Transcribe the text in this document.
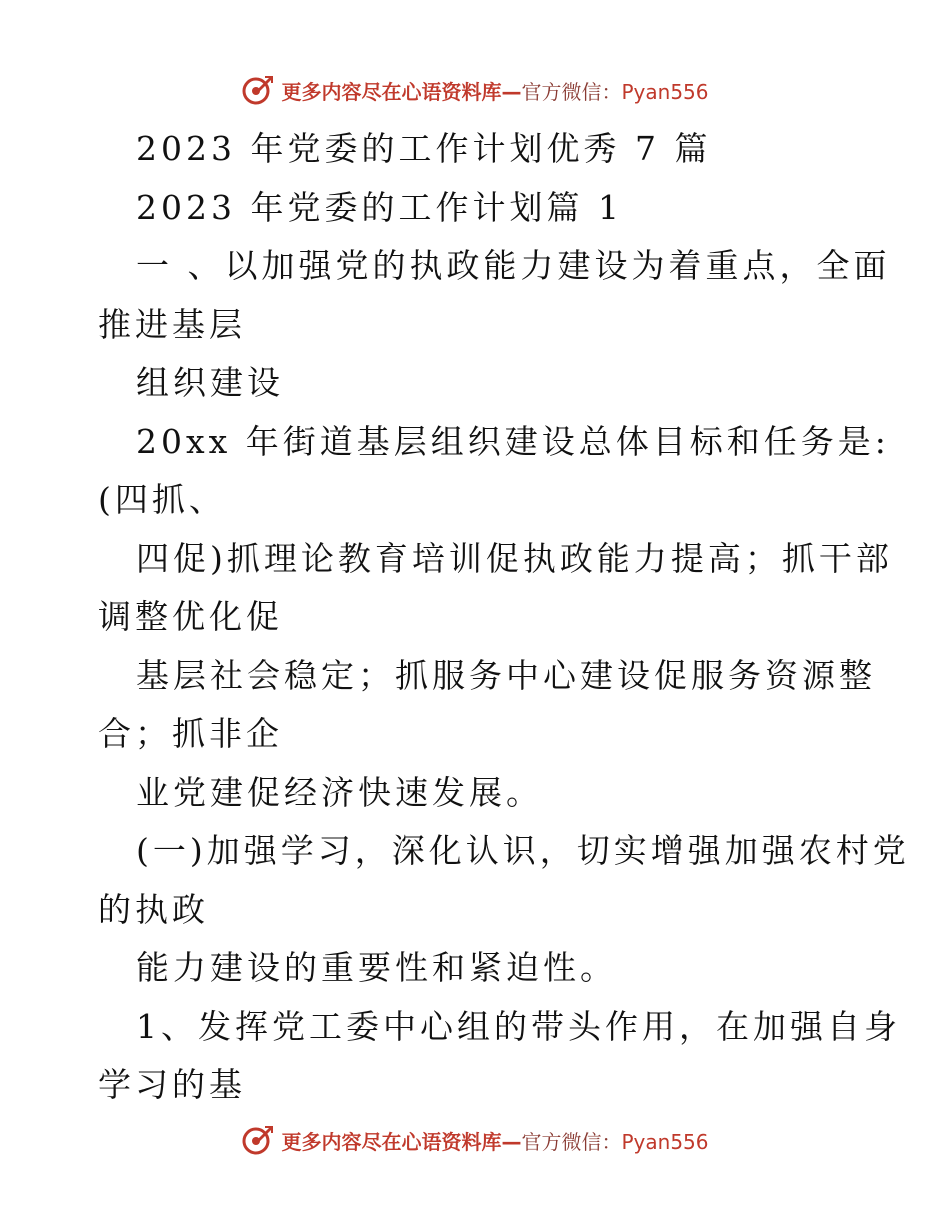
更多内容尽在心语资料库—官方微信：Pyan556
2023 年党委的工作计划优秀 7 篇
2023 年党委的工作计划篇 1
一 、以加强党的执政能力建设为着重点，全面
推进基层
组织建设
20xx 年街道基层组织建设总体目标和任务是:
(四抓、
四促)抓理论教育培训促执政能力提高；抓干部
调整优化促
基层社会稳定；抓服务中心建设促服务资源整
合；抓非企
业党建促经济快速发展。
(一)加强学习，深化认识，切实增强加强农村党
的执政
能力建设的重要性和紧迫性。
1、发挥党工委中心组的带头作用，在加强自身
学习的基
更多内容尽在心语资料库—官方微信：Pyan556
